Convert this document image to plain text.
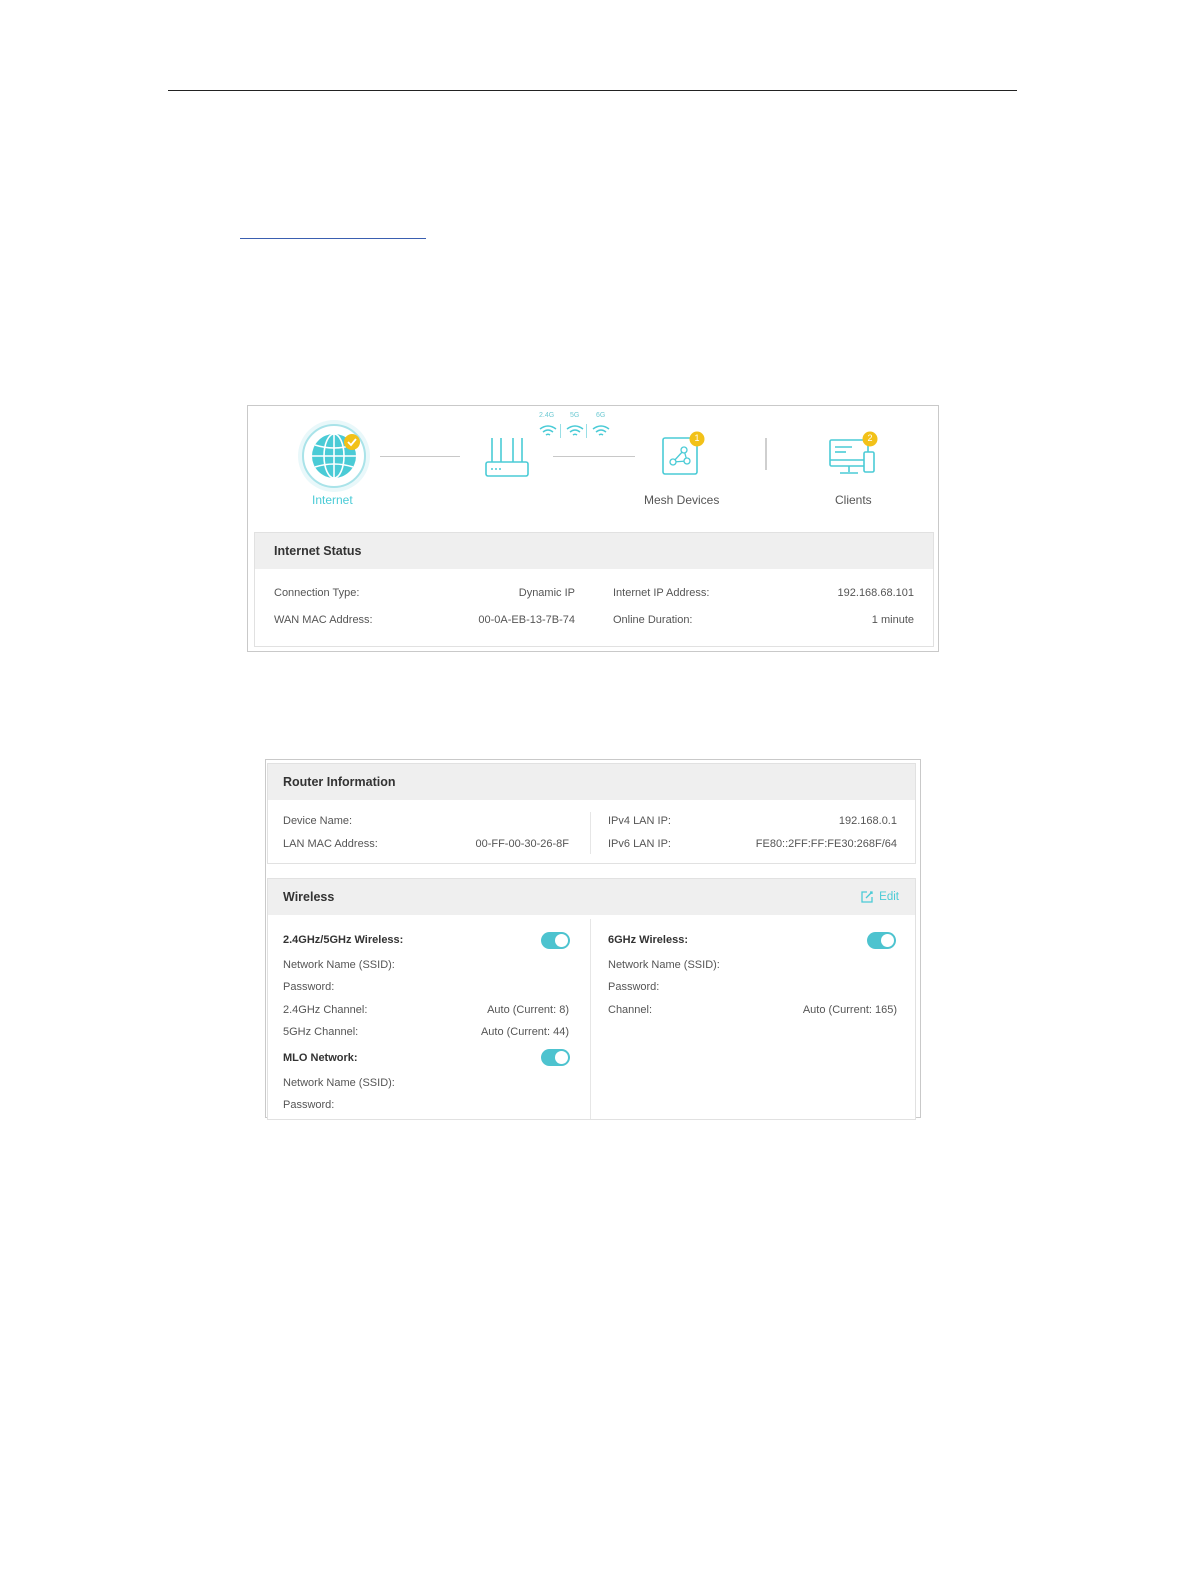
Internet
2.4G 5G 6G
1
Mesh Devices
2
Clients
Internet Status
Connection Type:	Dynamic IP
WAN MAC Address:	00-0A-EB-13-7B-74
Internet IP Address:	192.168.68.101
Online Duration:	1 minute
Router Information
Device Name:
LAN MAC Address:	00-FF-00-30-26-8F
IPv4 LAN IP:	192.168.0.1
IPv6 LAN IP:	FE80::2FF:FF:FE30:268F/64
Wireless	Edit
2.4GHz/5GHz Wireless:
Network Name (SSID):
Password:
2.4GHz Channel:	Auto (Current: 8)
5GHz Channel:	Auto (Current: 44)
MLO Network:
Network Name (SSID):
Password:
6GHz Wireless:
Network Name (SSID):
Password:
Channel:	Auto (Current: 165)
